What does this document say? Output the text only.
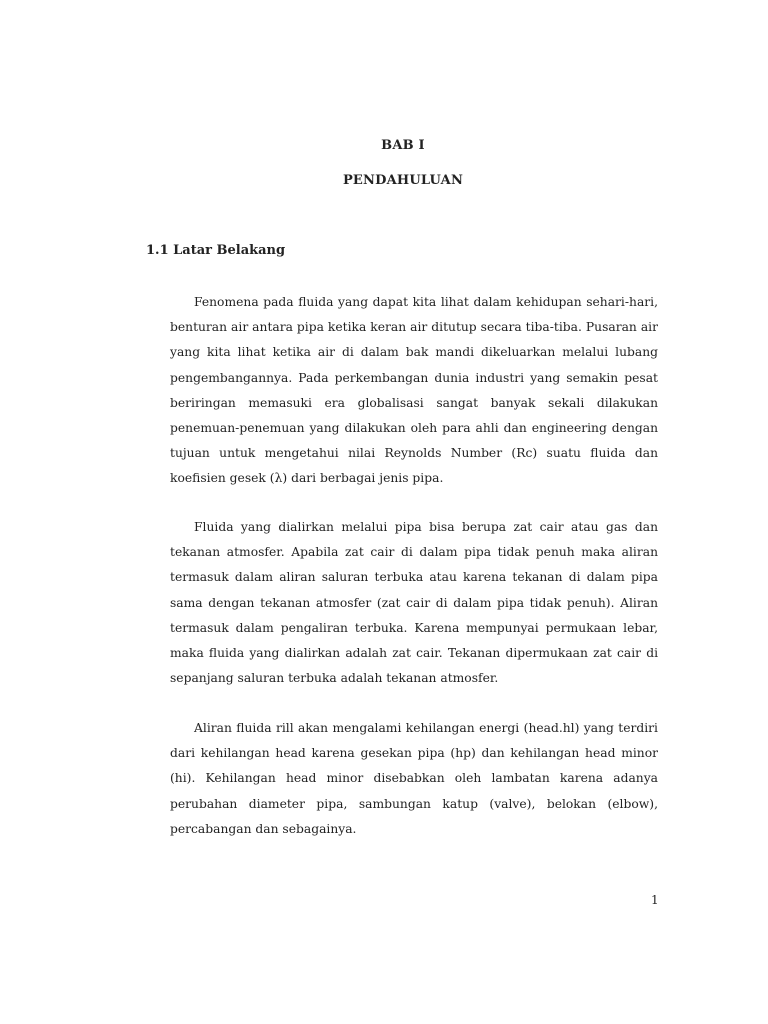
BAB I
PENDAHULUAN
1.1 Latar Belakang

Fenomena pada fluida yang dapat kita lihat dalam kehidupan sehari-hari, benturan air antara pipa ketika keran air ditutup secara tiba-tiba. Pusaran air yang kita lihat ketika air di dalam bak mandi dikeluarkan melalui lubang pengembangannya. Pada perkembangan dunia industri yang semakin pesat beriringan memasuki era globalisasi sangat banyak sekali dilakukan penemuan-penemuan yang dilakukan oleh para ahli dan engineering dengan tujuan untuk mengetahui nilai Reynolds Number (Rc) suatu fluida dan koefisien gesek (λ) dari berbagai jenis pipa.

Fluida yang dialirkan melalui pipa bisa berupa zat cair atau gas dan tekanan atmosfer. Apabila zat cair di dalam pipa tidak penuh maka aliran termasuk dalam aliran saluran terbuka atau karena tekanan di dalam pipa sama dengan tekanan atmosfer (zat cair di dalam pipa tidak penuh). Aliran termasuk dalam pengaliran terbuka. Karena mempunyai permukaan lebar, maka fluida yang dialirkan adalah zat cair. Tekanan dipermukaan zat cair di sepanjang saluran terbuka adalah tekanan atmosfer.

Aliran fluida rill akan mengalami kehilangan energi (head.hl) yang terdiri dari kehilangan head karena gesekan pipa (hp) dan kehilangan head minor (hi). Kehilangan head minor disebabkan oleh lambatan karena adanya perubahan diameter pipa, sambungan katup (valve), belokan (elbow), percabangan dan sebagainya.

1
